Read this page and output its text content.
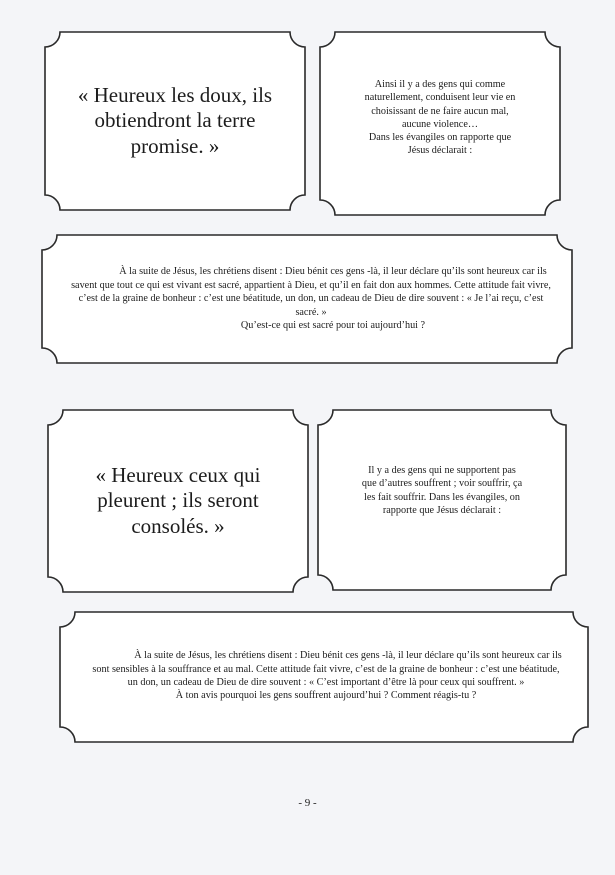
« Heureux les doux, ils obtiendront la terre promise. »
Ainsi il y a des gens qui comme
naturellement, conduisent leur vie en
choisissant de ne faire aucun mal,
aucune violence…
Dans les évangiles on rapporte que
Jésus déclarait :

À la suite de Jésus, les chrétiens disent : Dieu bénit ces gens -là, il leur déclare qu’ils sont heureux car ils savent que tout ce qui est vivant est sacré, appartient à Dieu, et qu’il en fait don aux hommes. Cette attitude fait vivre, c’est de la graine de bonheur : c’est une béatitude, un don, un cadeau de Dieu de dire souvent : « Je l’ai reçu, c’est sacré. »

Qu’est-ce qui est sacré pour toi aujourd’hui ?

« Heureux ceux qui pleurent ; ils seront consolés. »
Il y a des gens qui ne supportent pas
que d’autres souffrent ; voir souffrir, ça
les fait souffrir. Dans les évangiles, on
rapporte que Jésus déclarait :

À la suite de Jésus, les chrétiens disent : Dieu bénit ces gens -là, il leur déclare qu’ils sont heureux car ils sont sensibles à la souffrance et au mal. Cette attitude fait vivre, c’est de la graine de bonheur : c’est une béatitude, un don, un cadeau de Dieu de dire souvent : « C’est important d’être là pour ceux qui souffrent. »

À ton avis pourquoi les gens souffrent aujourd’hui ? Comment réagis-tu ?

- 9 -
